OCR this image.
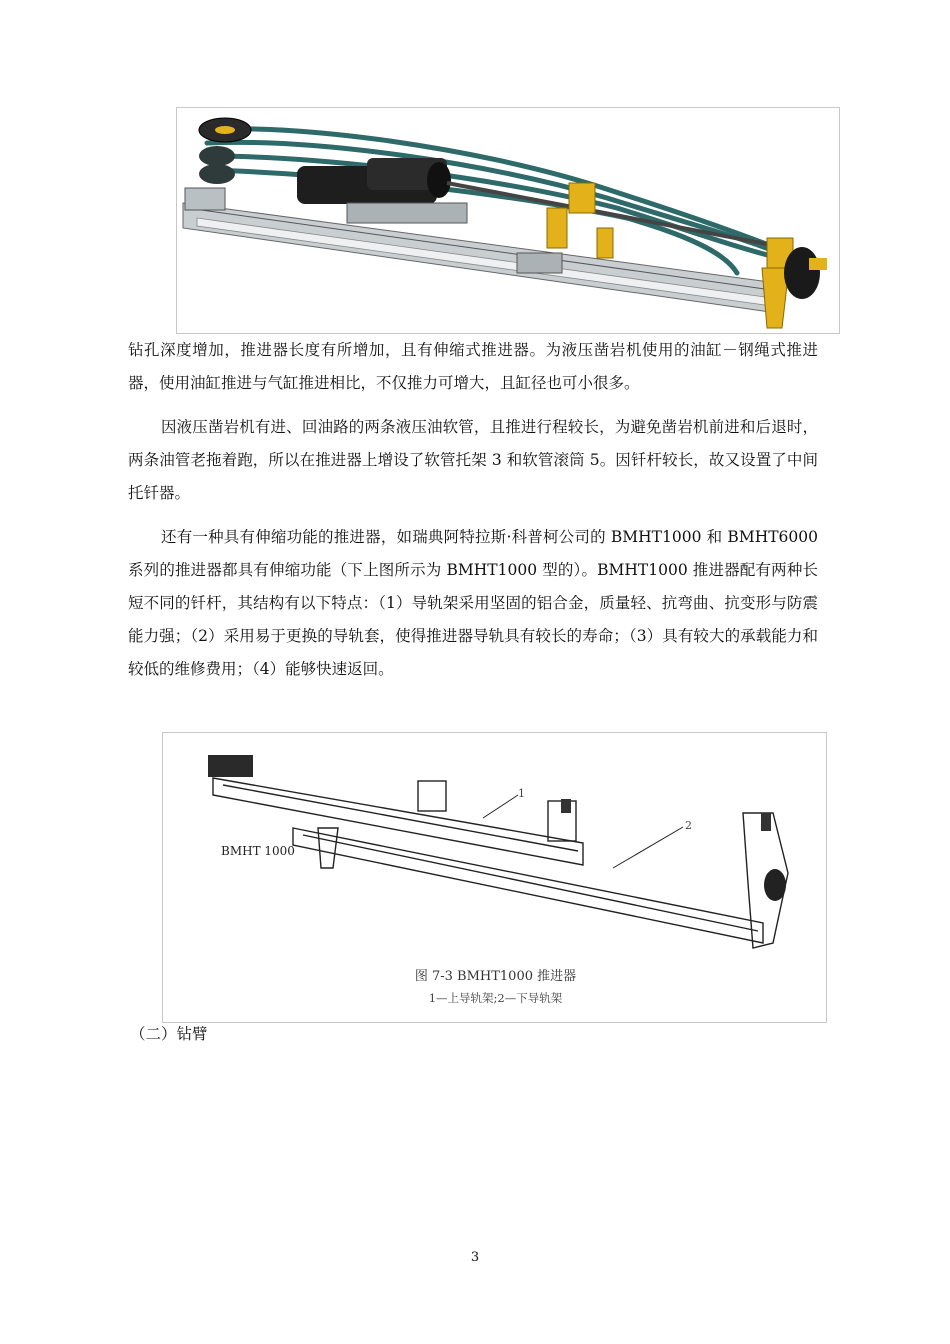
钻孔深度增加，推进器长度有所增加，且有伸缩式推进器。为液压凿岩机使用的油缸－钢绳式推进器，使用油缸推进与气缸推进相比，不仅推力可增大，且缸径也可小很多。

因液压凿岩机有进、回油路的两条液压油软管，且推进行程较长，为避免凿岩机前进和后退时，两条油管老拖着跑，所以在推进器上增设了软管托架 3 和软管滚筒 5。因钎杆较长，故又设置了中间托钎器。

还有一种具有伸缩功能的推进器，如瑞典阿特拉斯·科普柯公司的 BMHT1000 和 BMHT6000 系列的推进器都具有伸缩功能（下上图所示为 BMHT1000 型的）。BMHT1000 推进器配有两种长短不同的钎杆，其结构有以下特点：（1）导轨架采用坚固的铝合金，质量轻、抗弯曲、抗变形与防震能力强；（2）采用易于更换的导轨套，使得推进器导轨具有较长的寿命；（3）具有较大的承载能力和较低的维修费用；（4）能够快速返回。

1
2
BMHT 1000
图 7-3 BMHT1000 推进器
1—上导轨架;2—下导轨架

（二）钻臂

3
